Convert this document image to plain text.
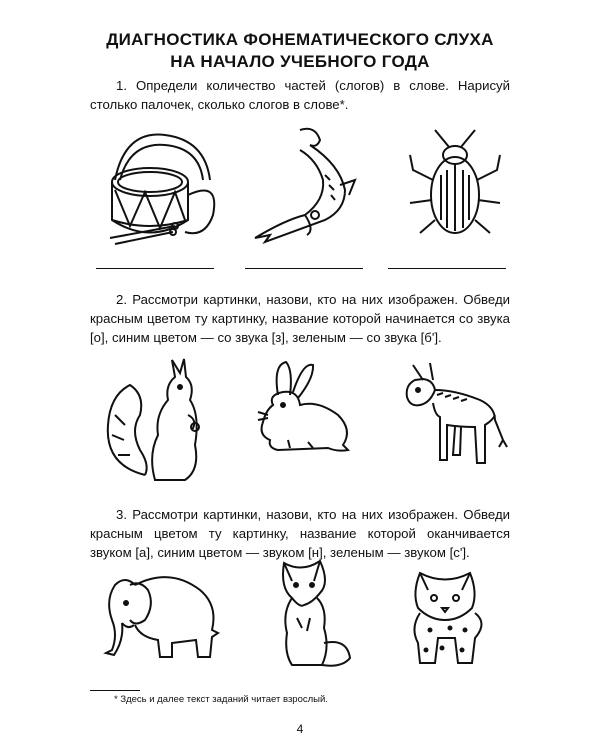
ДИАГНОСТИКА ФОНЕМАТИЧЕСКОГО СЛУХА
НА НАЧАЛО УЧЕБНОГО ГОДА
1. Определи количество частей (слогов) в слове. Нарисуй столько палочек, сколько слогов в слове*.
2. Рассмотри картинки, назови, кто на них изображен. Обведи красным цветом ту картинку, название которой начинается со звука [о], синим цветом — со звука [з], зеленым — со звука [б'].
3. Рассмотри картинки, назови, кто на них изображен. Обведи красным цветом ту картинку, название которой оканчивается звуком [а], синим цветом — звуком [н], зеленым — звуком [с'].
* Здесь и далее текст заданий читает взрослый.
4
